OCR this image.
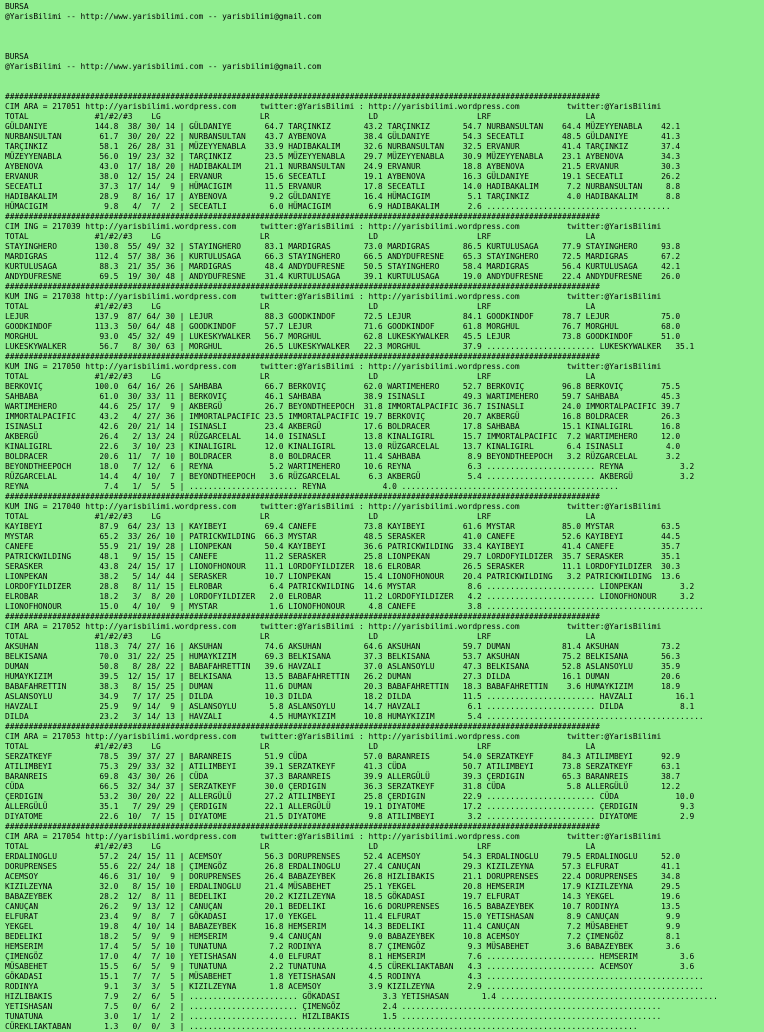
BURSA
@YarisBilimi -- http://www.yarisbilimi.com -- yarisbilimi@gmail.com

BURSA
@YarisBilimi -- http://www.yarisbilimi.com -- yarisbilimi@gmail.com

##############################################################################################################################
CIM ARA = 217051 http://yarisbilimi.wordpress.com     twitter:@YarisBilimi : http://yarisbilimi.wordpress.com          twitter:@YarisBilimi
TOTAL              #1/#2/#3    LG                     LR                     LD                     LRF                    LA
GÜLDANIYE          144.8  38/ 30/ 14 | GÜLDANIYE       64.7 TARÇINKIZ       43.2 TARÇINKIZ       54.7 NURBANSULTAN    64.4 MÜZEYYENABLA    42.1
NURBANSULTAN        61.7  30/ 20/ 22 | NURBANSULTAN    43.7 AYBENOVA        38.4 GÜLDANIYE       54.3 SECEATLI        48.5 GÜLDANIYE       41.3
TARÇINKIZ           58.1  26/ 28/ 31 | MÜZEYYENABLA    33.9 HADIBAKALIM     32.6 NURBANSULTAN    32.5 ERVANUR         41.4 TARÇINKIZ       37.4
MÜZEYYENABLA        56.0  19/ 23/ 32 | TARÇINKIZ       23.5 MÜZEYYENABLA    29.7 MÜZEYYENABLA    30.9 MÜZEYYENABLA    23.1 AYBENOVA        34.3
AYBENOVA            43.0  17/ 18/ 20 | HADIBAKALIM     21.1 NURBANSULTAN    24.9 ERVANUR         18.8 AYBENOVA        21.5 ERVANUR         30.3
ERVANUR             38.0  12/ 15/ 24 | ERVANUR         15.6 SECEATLI        19.1 AYBENOVA        16.3 GÜLDANIYE       19.1 SECEATLI        26.2
SECEATLI            37.3  17/ 14/  9 | HÜMACIGIM       11.5 ERVANUR         17.8 SECEATLI        14.0 HADIBAKALIM      7.2 NURBANSULTAN     8.8
HADIBAKALIM         28.9   8/ 16/ 17 | AYBENOVA         9.2 GÜLDANIYE       16.4 HÜMACIGIM        5.1 TARÇINKIZ        4.0 HADIBAKALIM      8.8
HÜMACIGIM            9.8   4/  7/  2 | SECEATLI         6.0 HÜMACIGIM        6.9 HADIBAKALIM      2.6 .......................................
##############################################################################################################################
CIM ING = 217039 http://yarisbilimi.wordpress.com     twitter:@YarisBilimi : http://yarisbilimi.wordpress.com          twitter:@YarisBilimi
TOTAL              #1/#2/#3    LG                     LR                     LD                     LRF                    LA
STAYINGHERO        130.8  55/ 49/ 32 | STAYINGHERO     83.1 MARDIGRAS       73.0 MARDIGRAS       86.5 KURTULUSAGA     77.9 STAYINGHERO     93.8
MARDIGRAS          112.4  57/ 38/ 36 | KURTULUSAGA     66.3 STAYINGHERO     66.5 ANDYDUFRESNE    65.3 STAYINGHERO     72.5 MARDIGRAS       67.2
KURTULUSAGA         88.3  21/ 35/ 36 | MARDIGRAS       48.4 ANDYDUFRESNE    50.5 STAYINGHERO     58.4 MARDIGRAS       56.4 KURTULUSAGA     42.1
ANDYDUFRESNE        69.5  19/ 30/ 48 | ANDYDUFRESNE    31.4 KURTULUSAGA     39.1 KURTULUSAGA     19.0 ANDYDUFRESNE    22.4 ANDYDUFRESNE    26.0
##############################################################################################################################
KUM ING = 217038 http://yarisbilimi.wordpress.com     twitter:@YarisBilimi : http://yarisbilimi.wordpress.com          twitter:@YarisBilimi
TOTAL              #1/#2/#3    LG                     LR                     LD                     LRF                    LA
LEJUR              137.9  87/ 64/ 30 | LEJUR           88.3 GOODKINDOF      72.5 LEJUR           84.1 GOODKINDOF      78.7 LEJUR           75.0
GOODKINDOF         113.3  50/ 64/ 48 | GOODKINDOF      57.7 LEJUR           71.6 GOODKINDOF      61.8 MORGHUL         76.7 MORGHUL         68.0
MORGHUL             93.0  45/ 32/ 49 | LUKESKYWALKER   56.7 MORGHUL         62.8 LUKESKYWALKER   45.5 LEJUR           73.8 GOODKINDOF      51.0
LUKESKYWALKER       56.7   8/ 30/ 63 | MORGHUL         26.5 LUKESKYWALKER   22.3 MORGHUL         37.9 ....................... LUKESKYWALKER   35.1
##############################################################################################################################
KUM ING = 217050 http://yarisbilimi.wordpress.com     twitter:@YarisBilimi : http://yarisbilimi.wordpress.com          twitter:@YarisBilimi
TOTAL              #1/#2/#3    LG                     LR                     LD                     LRF                    LA
BERKOVIÇ           100.0  64/ 16/ 26 | SAHBABA         66.7 BERKOVIÇ        62.0 WARTIMEHERO     52.7 BERKOVIÇ        96.8 BERKOVIÇ        75.5
SAHBABA             61.0  30/ 33/ 11 | BERKOVIÇ        46.1 SAHBABA         38.9 ISINASLI        49.3 WARTIMEHERO     59.7 SAHBABA         45.3
WARTIMEHERO         44.6  25/ 17/  9 | AKBERGÜ         26.7 BEYONDTHEEPOCH  31.8 IMMORTALPACIFIC 36.7 ISINASLI        24.0 IMMORTALPACIFIC 39.7
IMMORTALPACIFIC     43.2   4/ 27/ 36 | IMMORTALPACIFIC 23.5 IMMORTALPACIFIC 19.7 BERKOVIÇ        20.7 AKBERGÜ         16.8 BOLDRACER       26.3
ISINASLI            42.6  20/ 21/ 14 | ISINASLI        23.4 AKBERGÜ         17.6 BOLDRACER       17.8 SAHBABA         15.1 KINALIGIRL      16.8
AKBERGÜ             26.4   2/ 13/ 24 | RÜZGARCELAL     14.0 ISINASLI        13.8 KINALIGIRL      15.7 IMMORTALPACIFIC  7.2 WARTIMEHERO     12.0
KINALIGIRL          22.6   3/ 10/ 23 | KINALIGIRL      12.0 KINALIGIRL      13.0 RÜZGARCELAL     13.7 KINALIGIRL       6.4 ISINASLI         4.0
BOLDRACER           20.6  11/  7/ 10 | BOLDRACER        8.0 BOLDRACER       11.4 SAHBABA          8.9 BEYONDTHEEPOCH   3.2 RÜZGARCELAL      3.2
BEYONDTHEEPOCH      18.0   7/ 12/  6 | REYNA            5.2 WARTIMEHERO     10.6 REYNA            6.3 ....................... REYNA            3.2
RÜZGARCELAL         14.4   4/ 10/  7 | BEYONDTHEEPOCH   3.6 RÜZGARCELAL      6.3 AKBERGÜ          5.4 ....................... AKBERGÜ          3.2
REYNA                7.4   1/  5/  5 | ....................... REYNA            4.0 ..............................................
##############################################################################################################################
KUM ING = 217040 http://yarisbilimi.wordpress.com     twitter:@YarisBilimi : http://yarisbilimi.wordpress.com          twitter:@YarisBilimi
TOTAL              #1/#2/#3    LG                     LR                     LD                     LRF                    LA
KAYIBEYI            87.9  64/ 23/ 13 | KAYIBEYI        69.4 CANEFE          73.8 KAYIBEYI        61.6 MYSTAR          85.0 MYSTAR          63.5
MYSTAR              65.2  33/ 26/ 10 | PATRICKWILDING  66.3 MYSTAR          48.5 SERASKER        41.0 CANEFE          52.6 KAYIBEYI        44.5
CANEFE              55.9  21/ 19/ 28 | LIONPEKAN       50.4 KAYIBEYI        36.6 PATRICKWILDING  33.4 KAYIBEYI        41.4 CANEFE          35.7
PATRICKWILDING      48.1   9/ 15/ 15 | CANEFE          11.2 SERASKER        25.8 LIONPEKAN       29.7 LORDOFYILDIZER  35.7 SERASKER        35.1
SERASKER            43.8  24/ 15/ 17 | LIONOFHONOUR    11.1 LORDOFYILDIZER  18.6 ELROBAR         26.5 SERASKER        11.1 LORDOFYILDIZER  30.3
LIONPEKAN           38.2   5/ 14/ 44 | SERASKER        10.7 LIONPEKAN       15.4 LIONOFHONOUR    20.4 PATRICKWILDING   3.2 PATRICKWILDING  13.6
LORDOFYILDIZER      28.8   8/ 11/ 15 | ELROBAR          6.4 PATRICKWILDING  14.6 MYSTAR           8.6 ....................... LIONPEKAN        3.2
ELROBAR             18.2   3/  8/ 20 | LORDOFYILDIZER   2.0 ELROBAR         11.2 LORDOFYILDIZER   4.2 ....................... LIONOFHONOUR     3.2
LIONOFHONOUR        15.0   4/ 10/  9 | MYSTAR           1.6 LIONOFHONOUR     4.8 CANEFE           3.8 ..............................................
##############################################################################################################################
CIM ARA = 217052 http://yarisbilimi.wordpress.com     twitter:@YarisBilimi : http://yarisbilimi.wordpress.com          twitter:@YarisBilimi
TOTAL              #1/#2/#3    LG                     LR                     LD                     LRF                    LA
AKSUHAN            118.3  74/ 27/ 16 | AKSUHAN         74.6 AKSUHAN         64.6 AKSUHAN         59.7 DUMAN           81.4 AKSUHAN         73.2
BELKISANA           70.0  31/ 22/ 25 | HUMAYKIZIM      69.3 BELKISANA       37.3 BELKISANA       53.7 AKSUHAN         75.2 BELKISANA       56.3
DUMAN               50.8   8/ 28/ 22 | BABAFAHRETTIN   39.6 HAVZALI         37.0 ASLANSOYLU      47.3 BELKISANA       52.8 ASLANSOYLU      35.9
HUMAYKIZIM          39.5  12/ 15/ 17 | BELKISANA       13.5 BABAFAHRETTIN   26.2 DUMAN           27.3 DILDA           16.1 DUMAN           20.6
BABAFAHRETTIN       38.3   8/ 15/ 25 | DUMAN           11.6 DUMAN           20.3 BABAFAHRETTIN   18.3 BABAFAHRETTIN    3.6 HUMAYKIZIM      18.9
ASLANSOYLU          34.9   7/ 17/ 25 | DILDA           10.3 DILDA           18.2 DILDA           11.5 ....................... HAVZALI         16.1
HAVZALI             25.9   9/ 14/  9 | ASLANSOYLU       5.8 ASLANSOYLU      14.7 HAVZALI          6.1 ....................... DILDA            8.1
DILDA               23.2   3/ 14/ 13 | HAVZALI          4.5 HUMAYKIZIM      10.8 HUMAYKIZIM       5.4 ..............................................
##############################################################################################################################
CIM ARA = 217053 http://yarisbilimi.wordpress.com     twitter:@YarisBilimi : http://yarisbilimi.wordpress.com          twitter:@YarisBilimi
TOTAL              #1/#2/#3    LG                     LR                     LD                     LRF                    LA
SERZATKEYF          78.5  39/ 37/ 27 | BARANREIS       51.9 CÜDA            57.0 BARANREIS       54.0 SERZATKEYF      84.3 ATILIMBEYI      92.9
ATILIMBEYI          75.3  29/ 33/ 32 | ATILIMBEYI      39.1 SERZATKEYF      41.3 CÜDA            50.7 ATILIMBEYI      73.8 SERZATKEYF      63.1
BARANREIS           69.8  43/ 30/ 26 | CÜDA            37.3 BARANREIS       39.9 ALLERGÜLÜ       39.3 ÇERDIGIN        65.3 BARANREIS       38.7
CÜDA                66.5  32/ 34/ 37 | SERZATKEYF      30.0 ÇERDIGIN        36.3 SERZATKEYF      31.8 CÜDA             5.8 ALLERGÜLÜ       12.2
ÇERDIGIN            53.2  30/ 20/ 22 | ALLERGÜLÜ       27.2 ATILIMBEYI      25.8 ÇERDIGIN        22.9 ....................... CÜDA            10.0
ALLERGÜLÜ           35.1   7/ 29/ 29 | ÇERDIGIN        22.1 ALLERGÜLÜ       19.1 DIYATOME        17.2 ....................... ÇERDIGIN         9.3
DIYATOME            22.6  10/  7/ 15 | DIYATOME        21.5 DIYATOME         9.8 ATILIMBEYI       3.2 ....................... DIYATOME         2.9
##############################################################################################################################
CIM ARA = 217054 http://yarisbilimi.wordpress.com     twitter:@YarisBilimi : http://yarisbilimi.wordpress.com          twitter:@YarisBilimi
TOTAL              #1/#2/#3    LG                     LR                     LD                     LRF                    LA
ERDALINOGLU         57.2  24/ 15/ 11 | ACEMSOY         56.3 DORUPRENSES     52.4 ACEMSOY         54.3 ERDALINOGLU     79.5 ERDALINOGLU     52.0
DORUPRENSES         55.6  22/ 24/ 18 | ÇIMENGÖZ        26.8 ERDALINOGLU     27.4 CANUÇAN         29.3 KIZILZEYNA      57.3 ELFURAT         41.1
ACEMSOY             46.6  31/ 10/  9 | DORUPRENSES     26.4 BABAZEYBEK      26.8 HIZLIBAKIS      21.1 DORUPRENSES     22.4 DORUPRENSES     34.8
KIZILZEYNA          32.0   8/ 15/ 10 | ERDALINOGLU     21.4 MÜSABEHET       25.1 YEKGEL          20.8 HEMSERIM        17.9 KIZILZEYNA      29.5
BABAZEYBEK          28.2  12/  8/ 11 | BEDELIKI        20.2 KIZILZEYNA      18.5 GÖKADASI        19.7 ELFURAT         14.3 YEKGEL          19.6
CANUÇAN             26.2   9/ 13/ 12 | CANUÇAN         20.1 BEDELIKI        16.6 DORUPRENSES     16.5 BABAZEYBEK      10.7 RODINYA         13.5
ELFURAT             23.4   9/  8/  7 | GÖKADASI        17.0 YEKGEL          11.4 ELFURAT         15.0 YETISHASAN       8.9 CANUÇAN          9.9
YEKGEL              19.8   4/ 10/ 14 | BABAZEYBEK      16.8 HEMSERIM        14.3 BEDELIKI        11.4 CANUÇAN          7.2 MÜSABEHET        9.9
BEDELIKI            18.2   5/  9/  9 | HEMSERIM         9.4 CANUÇAN          9.0 BABAZEYBEK      10.8 ACEMSOY          7.2 ÇIMENGÖZ         8.1
HEMSERIM            17.4   5/  5/ 10 | TUNATUNA         7.2 RODINYA          8.7 ÇIMENGÖZ         9.3 MÜSABEHET        3.6 BABAZEYBEK       3.6
ÇIMENGÖZ            17.0   4/  7/ 10 | YETISHASAN       4.0 ELFURAT          8.1 HEMSERIM         7.6 ....................... HEMSERIM         3.6
MÜSABEHET           15.5   6/  5/  9 | TUNATUNA         2.2 TUNATUNA         4.5 CÜREKLIAKTABAN   4.3 ....................... ACEMSOY          3.6
GÖKADASI            15.1   7/  7/  5 | MÜSABEHET        1.8 YETISHASAN       4.5 RODINYA          4.3 ..............................................
RODINYA              9.1   3/  3/  5 | KIZILZEYNA       1.8 ACEMSOY          3.9 KIZILZEYNA       2.9 ..............................................
HIZLIBAKIS           7.9   2/  6/  5 | ....................... GÖKADASI         3.3 YETISHASAN       1.4 ..............................................
YETISHASAN           7.5   0/  6/  2 | ....................... ÇIMENGÖZ         2.4 .......................................................
TUNATUNA             3.0   1/  1/  2 | ....................... HIZLIBAKIS       1.5 .......................................................
CÜREKLIAKTABAN       1.3   0/  0/  3 | ...............................................................................................
